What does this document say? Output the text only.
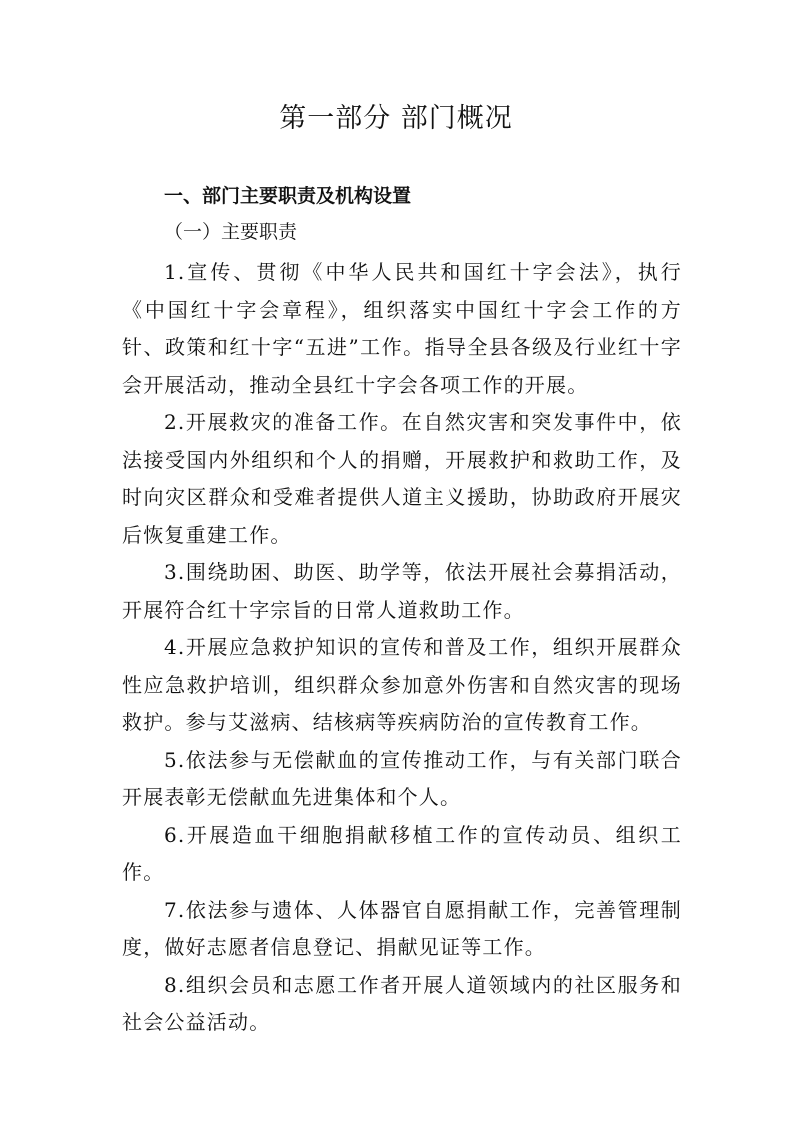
第一部分 部门概况
一、部门主要职责及机构设置
（一）主要职责

1.宣传、贯彻《中华人民共和国红十字会法》，执行《中国红十字会章程》，组织落实中国红十字会工作的方针、政策和红十字“五进”工作。指导全县各级及行业红十字会开展活动，推动全县红十字会各项工作的开展。

2.开展救灾的准备工作。在自然灾害和突发事件中，依法接受国内外组织和个人的捐赠，开展救护和救助工作，及时向灾区群众和受难者提供人道主义援助，协助政府开展灾后恢复重建工作。

3.围绕助困、助医、助学等，依法开展社会募捐活动，开展符合红十字宗旨的日常人道救助工作。

4.开展应急救护知识的宣传和普及工作，组织开展群众性应急救护培训，组织群众参加意外伤害和自然灾害的现场救护。参与艾滋病、结核病等疾病防治的宣传教育工作。

5.依法参与无偿献血的宣传推动工作，与有关部门联合开展表彰无偿献血先进集体和个人。

6.开展造血干细胞捐献移植工作的宣传动员、组织工作。

7.依法参与遗体、人体器官自愿捐献工作，完善管理制度，做好志愿者信息登记、捐献见证等工作。

8.组织会员和志愿工作者开展人道领域内的社区服务和社会公益活动。
